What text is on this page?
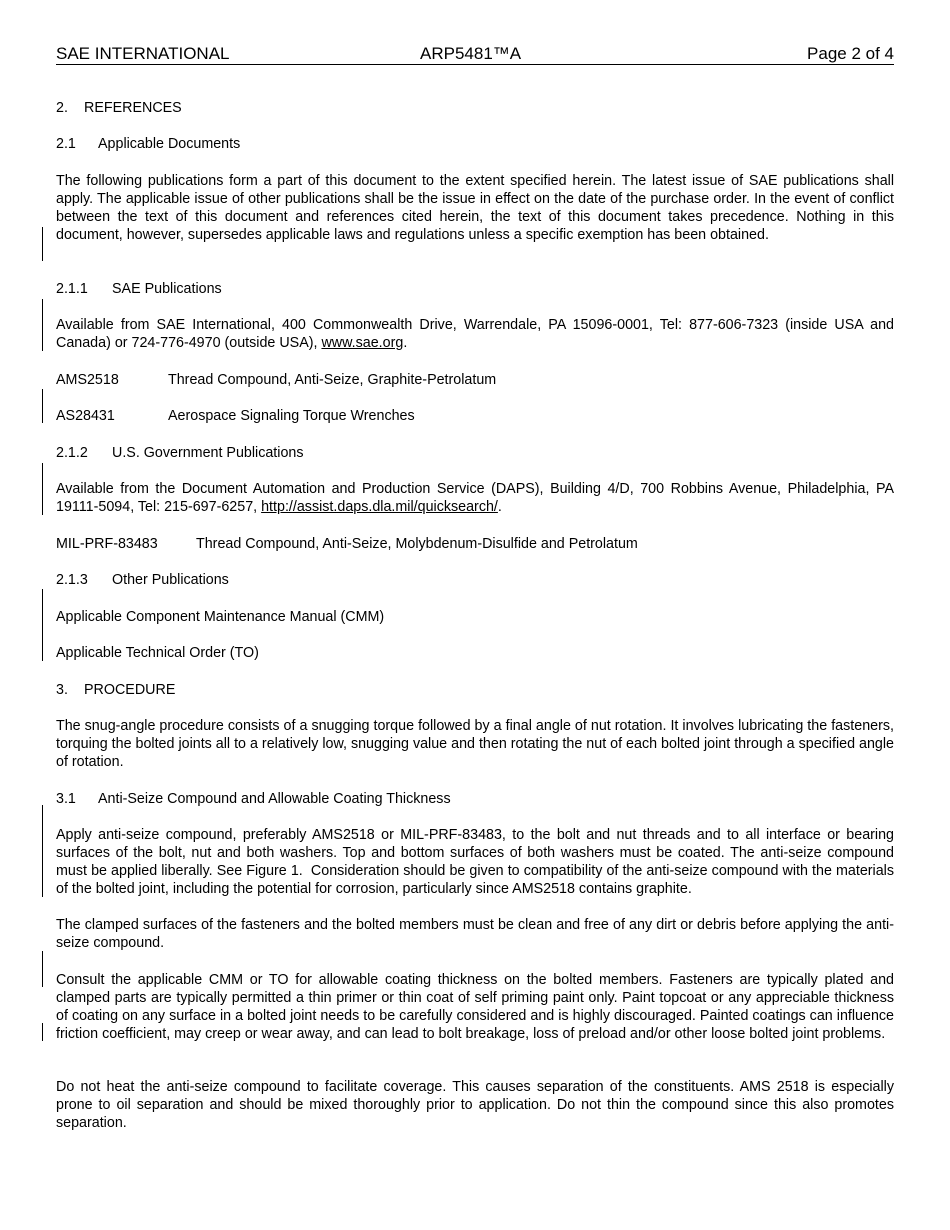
SAE INTERNATIONAL	ARP5481™A	Page 2 of 4
2. REFERENCES
2.1 Applicable Documents
The following publications form a part of this document to the extent specified herein. The latest issue of SAE publications shall apply. The applicable issue of other publications shall be the issue in effect on the date of the purchase order. In the event of conflict between the text of this document and references cited herein, the text of this document takes precedence. Nothing in this document, however, supersedes applicable laws and regulations unless a specific exemption has been obtained.
2.1.1 SAE Publications
Available from SAE International, 400 Commonwealth Drive, Warrendale, PA 15096-0001, Tel: 877-606-7323 (inside USA and Canada) or 724-776-4970 (outside USA), www.sae.org.
AMS2518	Thread Compound, Anti-Seize, Graphite-Petrolatum
AS28431	Aerospace Signaling Torque Wrenches
2.1.2 U.S. Government Publications
Available from the Document Automation and Production Service (DAPS), Building 4/D, 700 Robbins Avenue, Philadelphia, PA 19111-5094, Tel: 215-697-6257, http://assist.daps.dla.mil/quicksearch/.
MIL-PRF-83483	Thread Compound, Anti-Seize, Molybdenum-Disulfide and Petrolatum
2.1.3 Other Publications
Applicable Component Maintenance Manual (CMM)
Applicable Technical Order (TO)
3. PROCEDURE
The snug-angle procedure consists of a snugging torque followed by a final angle of nut rotation. It involves lubricating the fasteners, torquing the bolted joints all to a relatively low, snugging value and then rotating the nut of each bolted joint through a specified angle of rotation.
3.1 Anti-Seize Compound and Allowable Coating Thickness
Apply anti-seize compound, preferably AMS2518 or MIL-PRF-83483, to the bolt and nut threads and to all interface or bearing surfaces of the bolt, nut and both washers. Top and bottom surfaces of both washers must be coated. The anti-seize compound must be applied liberally. See Figure 1.  Consideration should be given to compatibility of the anti-seize compound with the materials of the bolted joint, including the potential for corrosion, particularly since AMS2518 contains graphite.
The clamped surfaces of the fasteners and the bolted members must be clean and free of any dirt or debris before applying the anti-seize compound.
Consult the applicable CMM or TO for allowable coating thickness on the bolted members. Fasteners are typically plated and clamped parts are typically permitted a thin primer or thin coat of self priming paint only. Paint topcoat or any appreciable thickness of coating on any surface in a bolted joint needs to be carefully considered and is highly discouraged. Painted coatings can influence friction coefficient, may creep or wear away, and can lead to bolt breakage, loss of preload and/or other loose bolted joint problems.
Do not heat the anti-seize compound to facilitate coverage. This causes separation of the constituents. AMS 2518 is especially prone to oil separation and should be mixed thoroughly prior to application. Do not thin the compound since this also promotes separation.
